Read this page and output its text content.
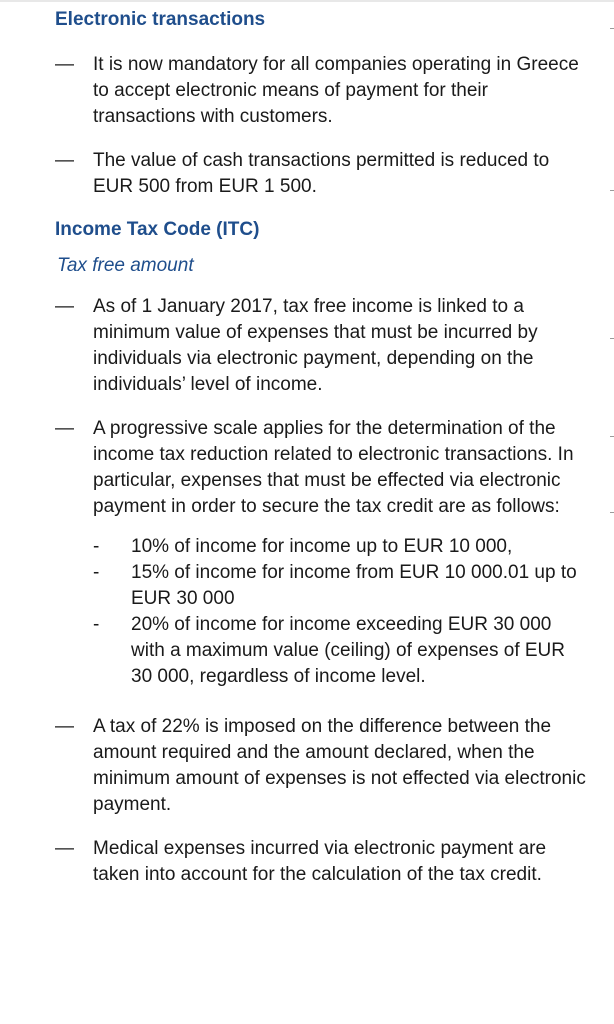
Electronic transactions
—	It is now mandatory for all companies operating in Greece to accept electronic means of payment for their transactions with customers.
—	The value of cash transactions permitted is reduced to EUR 500 from EUR 1 500.
Income Tax Code (ITC)
Tax free amount
—	As of 1 January 2017, tax free income is linked to a minimum value of expenses that must be incurred by individuals via electronic payment, depending on the individuals’ level of income.
—	A progressive scale applies for the determination of the income tax reduction related to electronic transactions. In particular, expenses that must be effected via electronic payment in order to secure the tax credit are as follows:
-	10% of income for income up to EUR 10 000,
-	15% of income for income from EUR 10 000.01 up to EUR 30 000
-	20% of income for income exceeding EUR 30 000 with a maximum value (ceiling) of expenses of EUR 30 000, regardless of income level.
—	A tax of 22% is imposed on the difference between the amount required and the amount declared, when the minimum amount of expenses is not effected via electronic payment.
—	Medical expenses incurred via electronic payment are taken into account for the calculation of the tax credit.
